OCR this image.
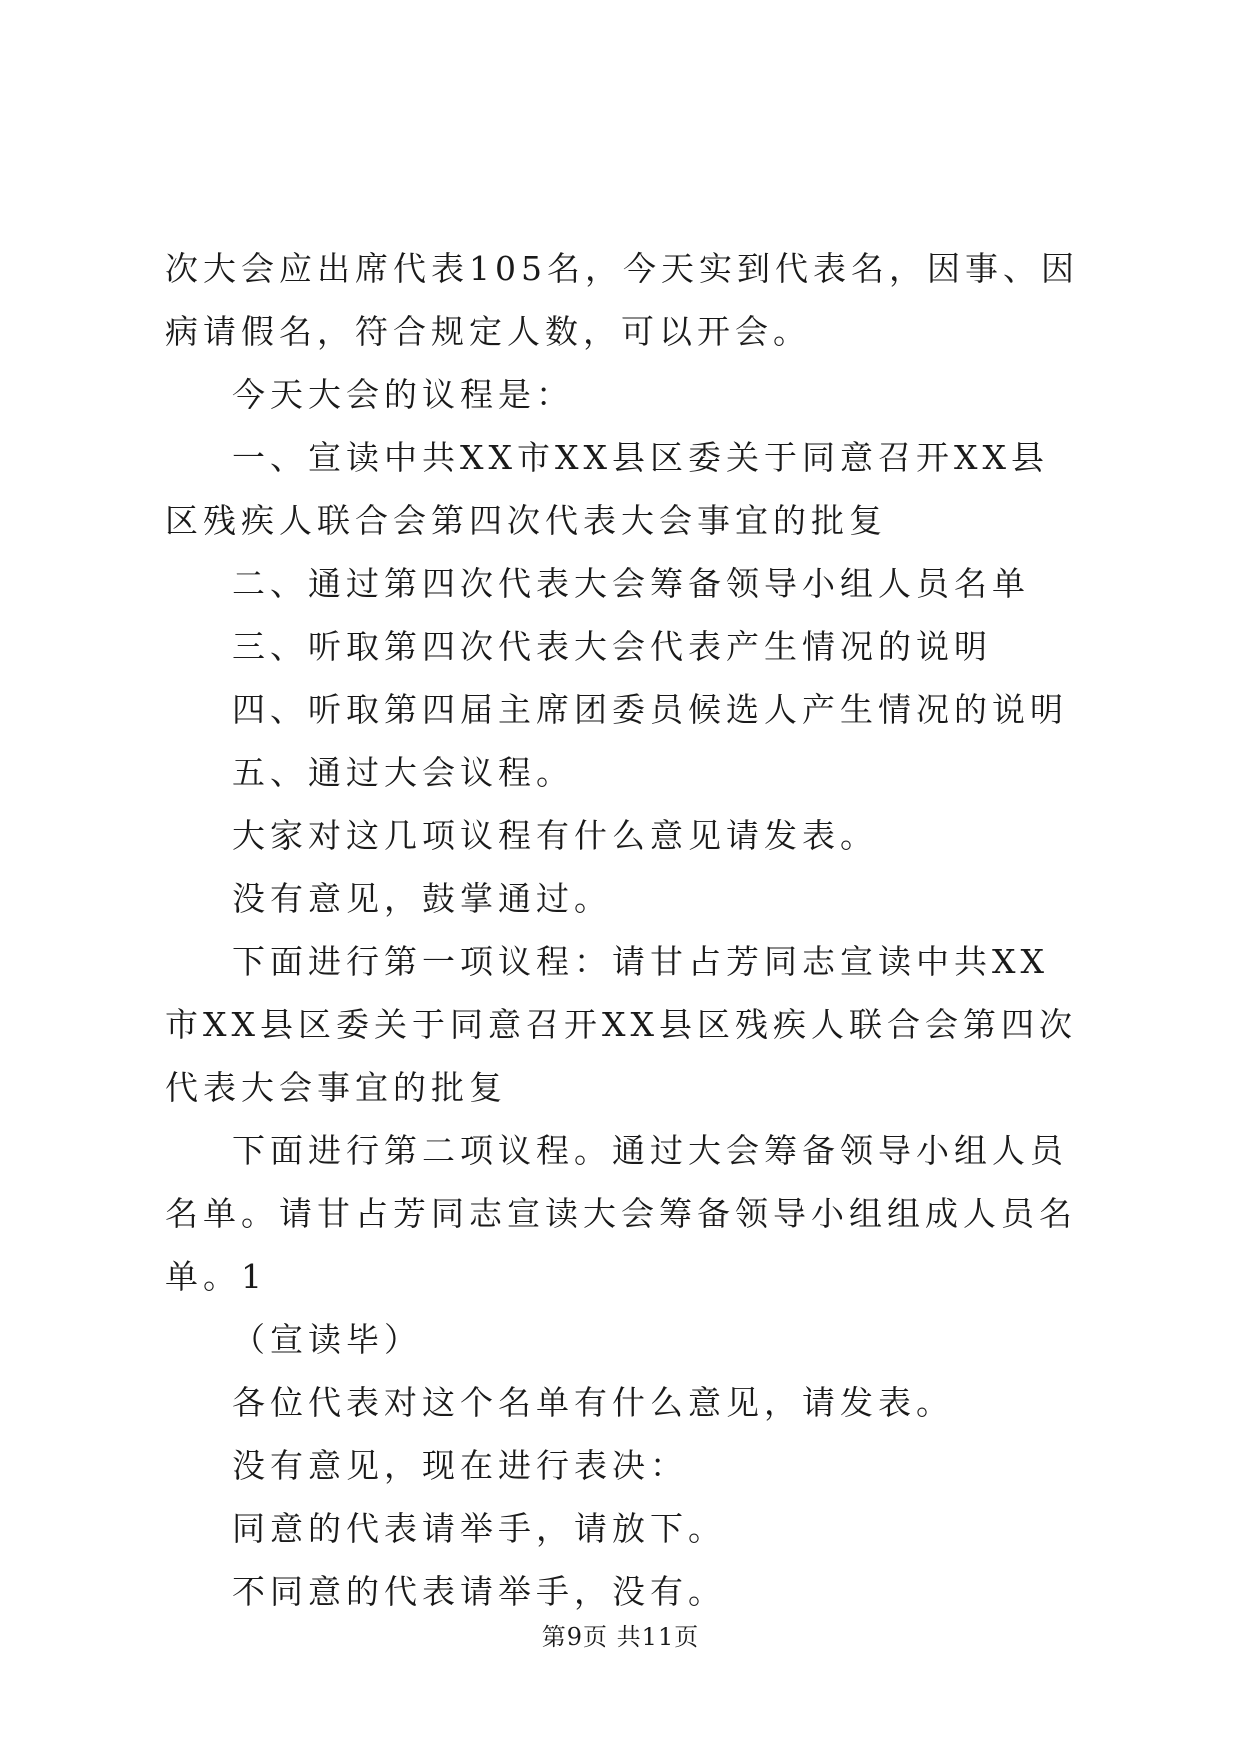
次大会应出席代表105名，今天实到代表名，因事、因病请假名，符合规定人数，可以开会。

今天大会的议程是：

一、宣读中共XX市XX县区委关于同意召开XX县区残疾人联合会第四次代表大会事宜的批复

二、通过第四次代表大会筹备领导小组人员名单

三、听取第四次代表大会代表产生情况的说明

四、听取第四届主席团委员候选人产生情况的说明

五、通过大会议程。

大家对这几项议程有什么意见请发表。

没有意见，鼓掌通过。

下面进行第一项议程：请甘占芳同志宣读中共XX市XX县区委关于同意召开XX县区残疾人联合会第四次代表大会事宜的批复

下面进行第二项议程。通过大会筹备领导小组人员名单。请甘占芳同志宣读大会筹备领导小组组成人员名单。1

（宣读毕）

各位代表对这个名单有什么意见，请发表。

没有意见，现在进行表决：

同意的代表请举手，请放下。

不同意的代表请举手，没有。

第9页 共11页
